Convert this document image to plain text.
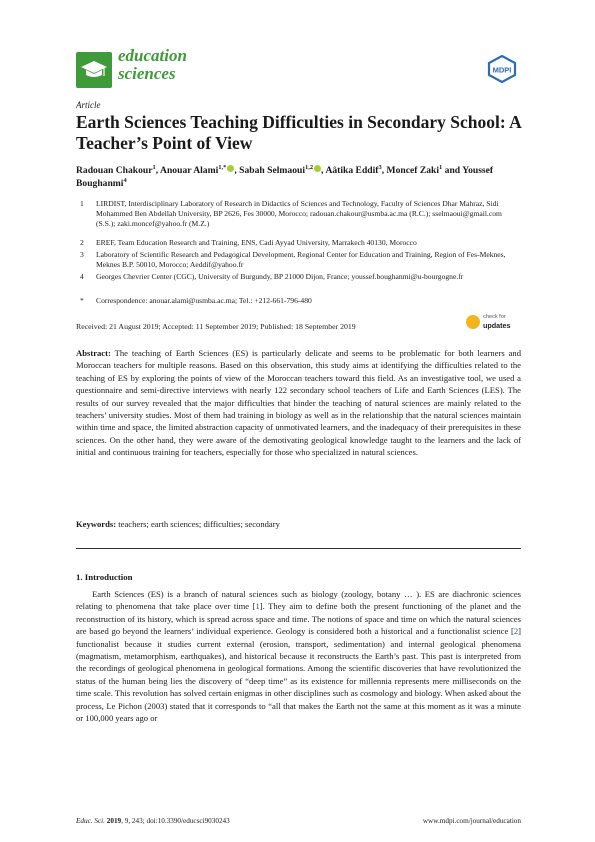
education
sciences	MDPI
Article
Earth Sciences Teaching Difficulties in Secondary School: A Teacher’s Point of View
Radouan Chakour$^1$, Anouar Alami$^{1,*}$ , Sabah Selmaoui$^{1,2}$ , Aâtika Eddif$^3$, Moncef Zaki$^1$ and Youssef Boughanmi$^4$
1 LIRDIST, Interdisciplinary Laboratory of Research in Didactics of Sciences and Technology, Faculty of Sciences Dhar Mahraz, Sidi Mohammed Ben Abdellah University, BP 2626, Fes 30000, Morocco; radouan.chakour@usmba.ac.ma (R.C.); sselmaoui@gmail.com (S.S.); zaki.moncef@yahoo.fr (M.Z.)
2 EREF, Team Education Research and Training, ENS, Cadi Ayyad University, Marrakech 40130, Morocco
3 Laboratory of Scientific Research and Pedagogical Development, Regional Center for Education and Training, Region of Fes-Meknes, Meknes B.P. 50010, Morocco; Aeddif@yahoo.fr
4 Georges Chevrier Center (CGC), University of Burgundy, BP 21000 Dijon, France; youssef.boughanmi@u-bourgogne.fr
* Correspondence: anouar.alami@usmba.ac.ma; Tel.: +212-661-796-480
Received: 21 August 2019; Accepted: 11 September 2019; Published: 18 September 2019
check for
updates
Abstract: The teaching of Earth Sciences (ES) is particularly delicate and seems to be problematic for both learners and Moroccan teachers for multiple reasons. Based on this observation, this study aims at identifying the difficulties related to the teaching of ES by exploring the points of view of the Moroccan teachers toward this field. As an investigative tool, we used a questionnaire and semi-directive interviews with nearly 122 secondary school teachers of Life and Earth Sciences (LES). The results of our survey revealed that the major difficulties that hinder the teaching of natural sciences are mainly related to the teachers’ university studies. Most of them had training in biology as well as in the relationship that the natural sciences maintain within time and space, the limited abstraction capacity of unmotivated learners, and the inadequacy of their prerequisites in these sciences. On the other hand, they were aware of the demotivating geological knowledge taught to the learners and the lack of initial and continuous training for teachers, especially for those who specialized in natural sciences.
Keywords: teachers; earth sciences; difficulties; secondary
1. Introduction
Earth Sciences (ES) is a branch of natural sciences such as biology (zoology, botany … ). ES are diachronic sciences relating to phenomena that take place over time [1]. They aim to define both the present functioning of the planet and the reconstruction of its history, which is spread across space and time. The notions of space and time on which the natural sciences are based go beyond the learners’ individual experience. Geology is considered both a historical and a functionalist science [2] functionalist because it studies current external (erosion, transport, sedimentation) and internal geological phenomena (magmatism, metamorphism, earthquakes), and historical because it reconstructs the Earth’s past. This past is interpreted from the recordings of geological phenomena in geological formations. Among the scientific discoveries that have revolutionized the status of the human being lies the discovery of “deep time” as its existence for millennia represents mere milliseconds on the time scale. This revolution has solved certain enigmas in other disciplines such as cosmology and biology. When asked about the process, Le Pichon (2003) stated that it corresponds to “all that makes the Earth not the same at this moment as it was a minute or 100,000 years ago or
Educ. Sci. 2019, 9, 243; doi:10.3390/educsci9030243	www.mdpi.com/journal/education
